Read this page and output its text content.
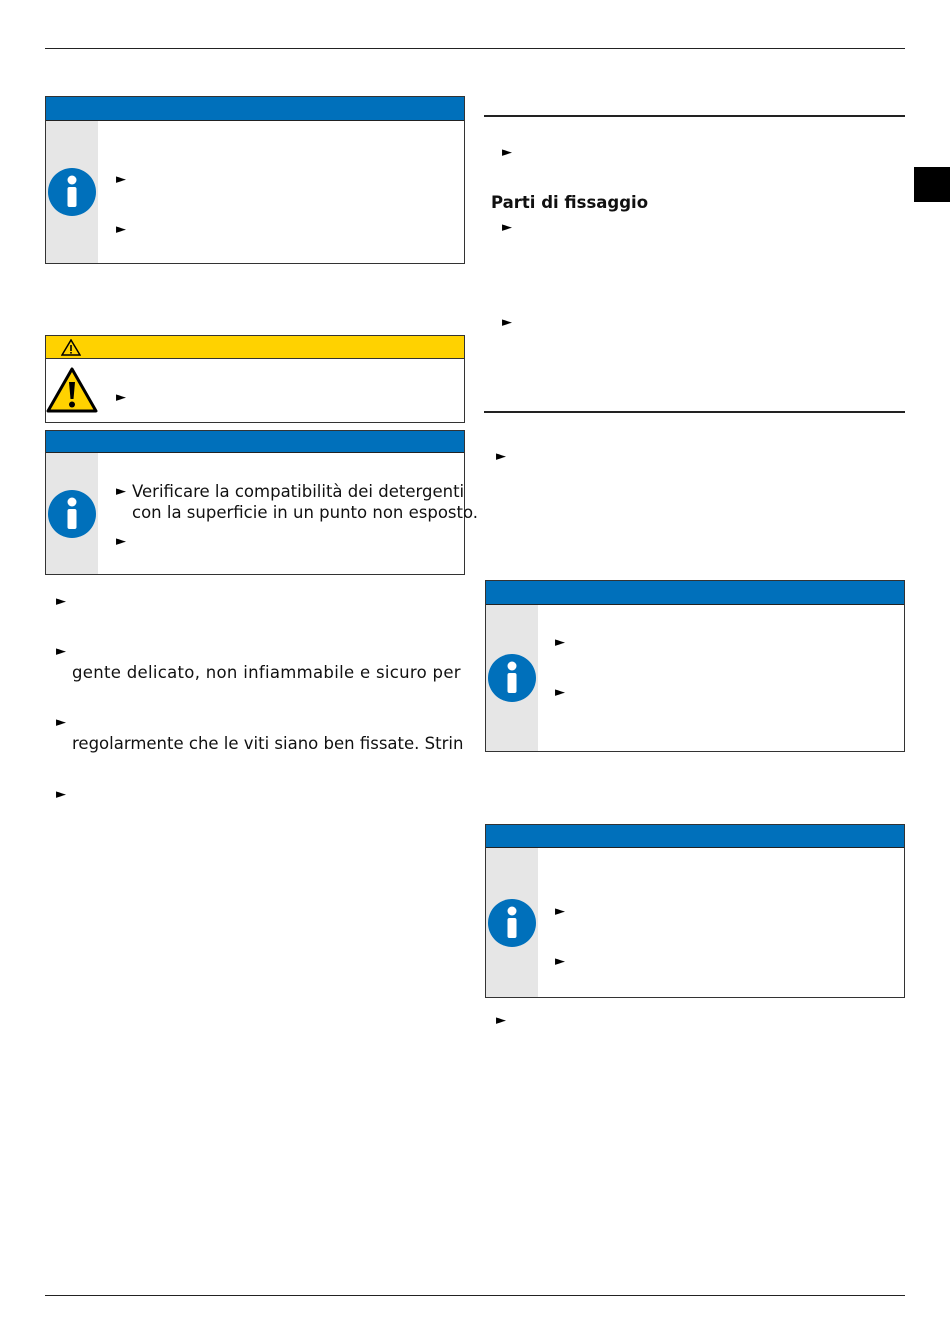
►
►
►
► Verificare la compatibilità dei detergenti
con la superficie in un punto non esposto.
►
►
►
gente delicato, non infiammabile e sicuro per
►
regolarmente che le viti siano ben fissate. Strin
►
►
Parti di fissaggio
►
►
►
►
►
►
►
►
